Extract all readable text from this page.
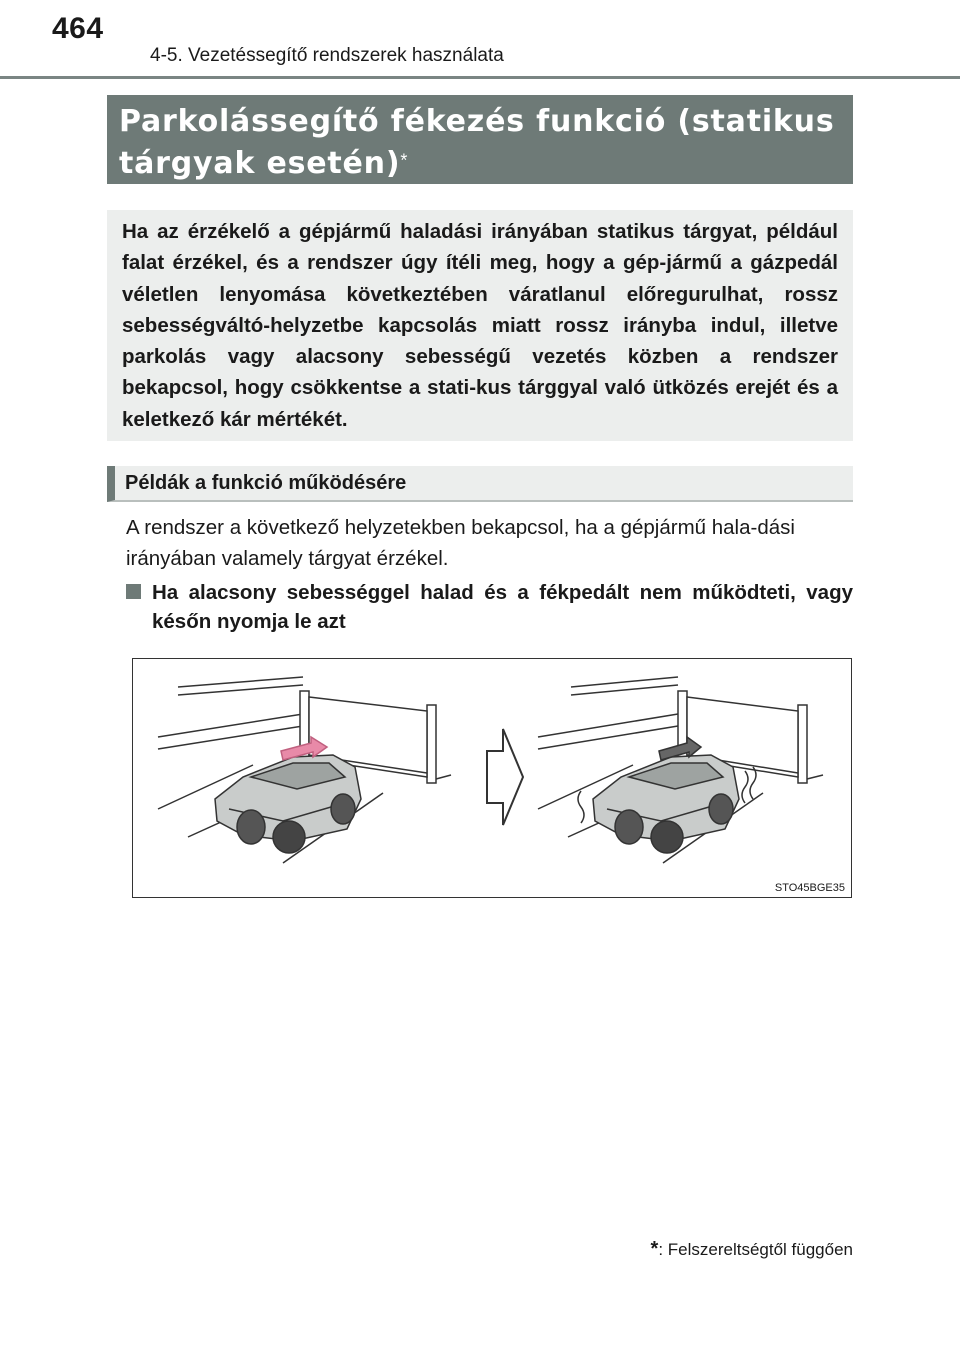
464
4-5. Vezetéssegítő rendszerek használata
Parkolássegítő fékezés funkció (statikus tárgyak esetén)*

Ha az érzékelő a gépjármű haladási irányában statikus tárgyat, például falat érzékel, és a rendszer úgy ítéli meg, hogy a gép-jármű a gázpedál véletlen lenyomása következtében váratlanul előregurulhat, rossz sebességváltó-helyzetbe kapcsolás miatt rossz irányba indul, illetve parkolás vagy alacsony sebességű vezetés közben a rendszer bekapcsol, hogy csökkentse a stati-kus tárggyal való ütközés erejét és a keletkező kár mértékét.

Példák a funkció működésére
A rendszer a következő helyzetekben bekapcsol, ha a gépjármű hala-dási irányában valamely tárgyat érzékel.
Ha alacsony sebességgel halad és a fékpedált nem működteti, vagy későn nyomja le azt
STO45BGE35
*: Felszereltségtől függően
